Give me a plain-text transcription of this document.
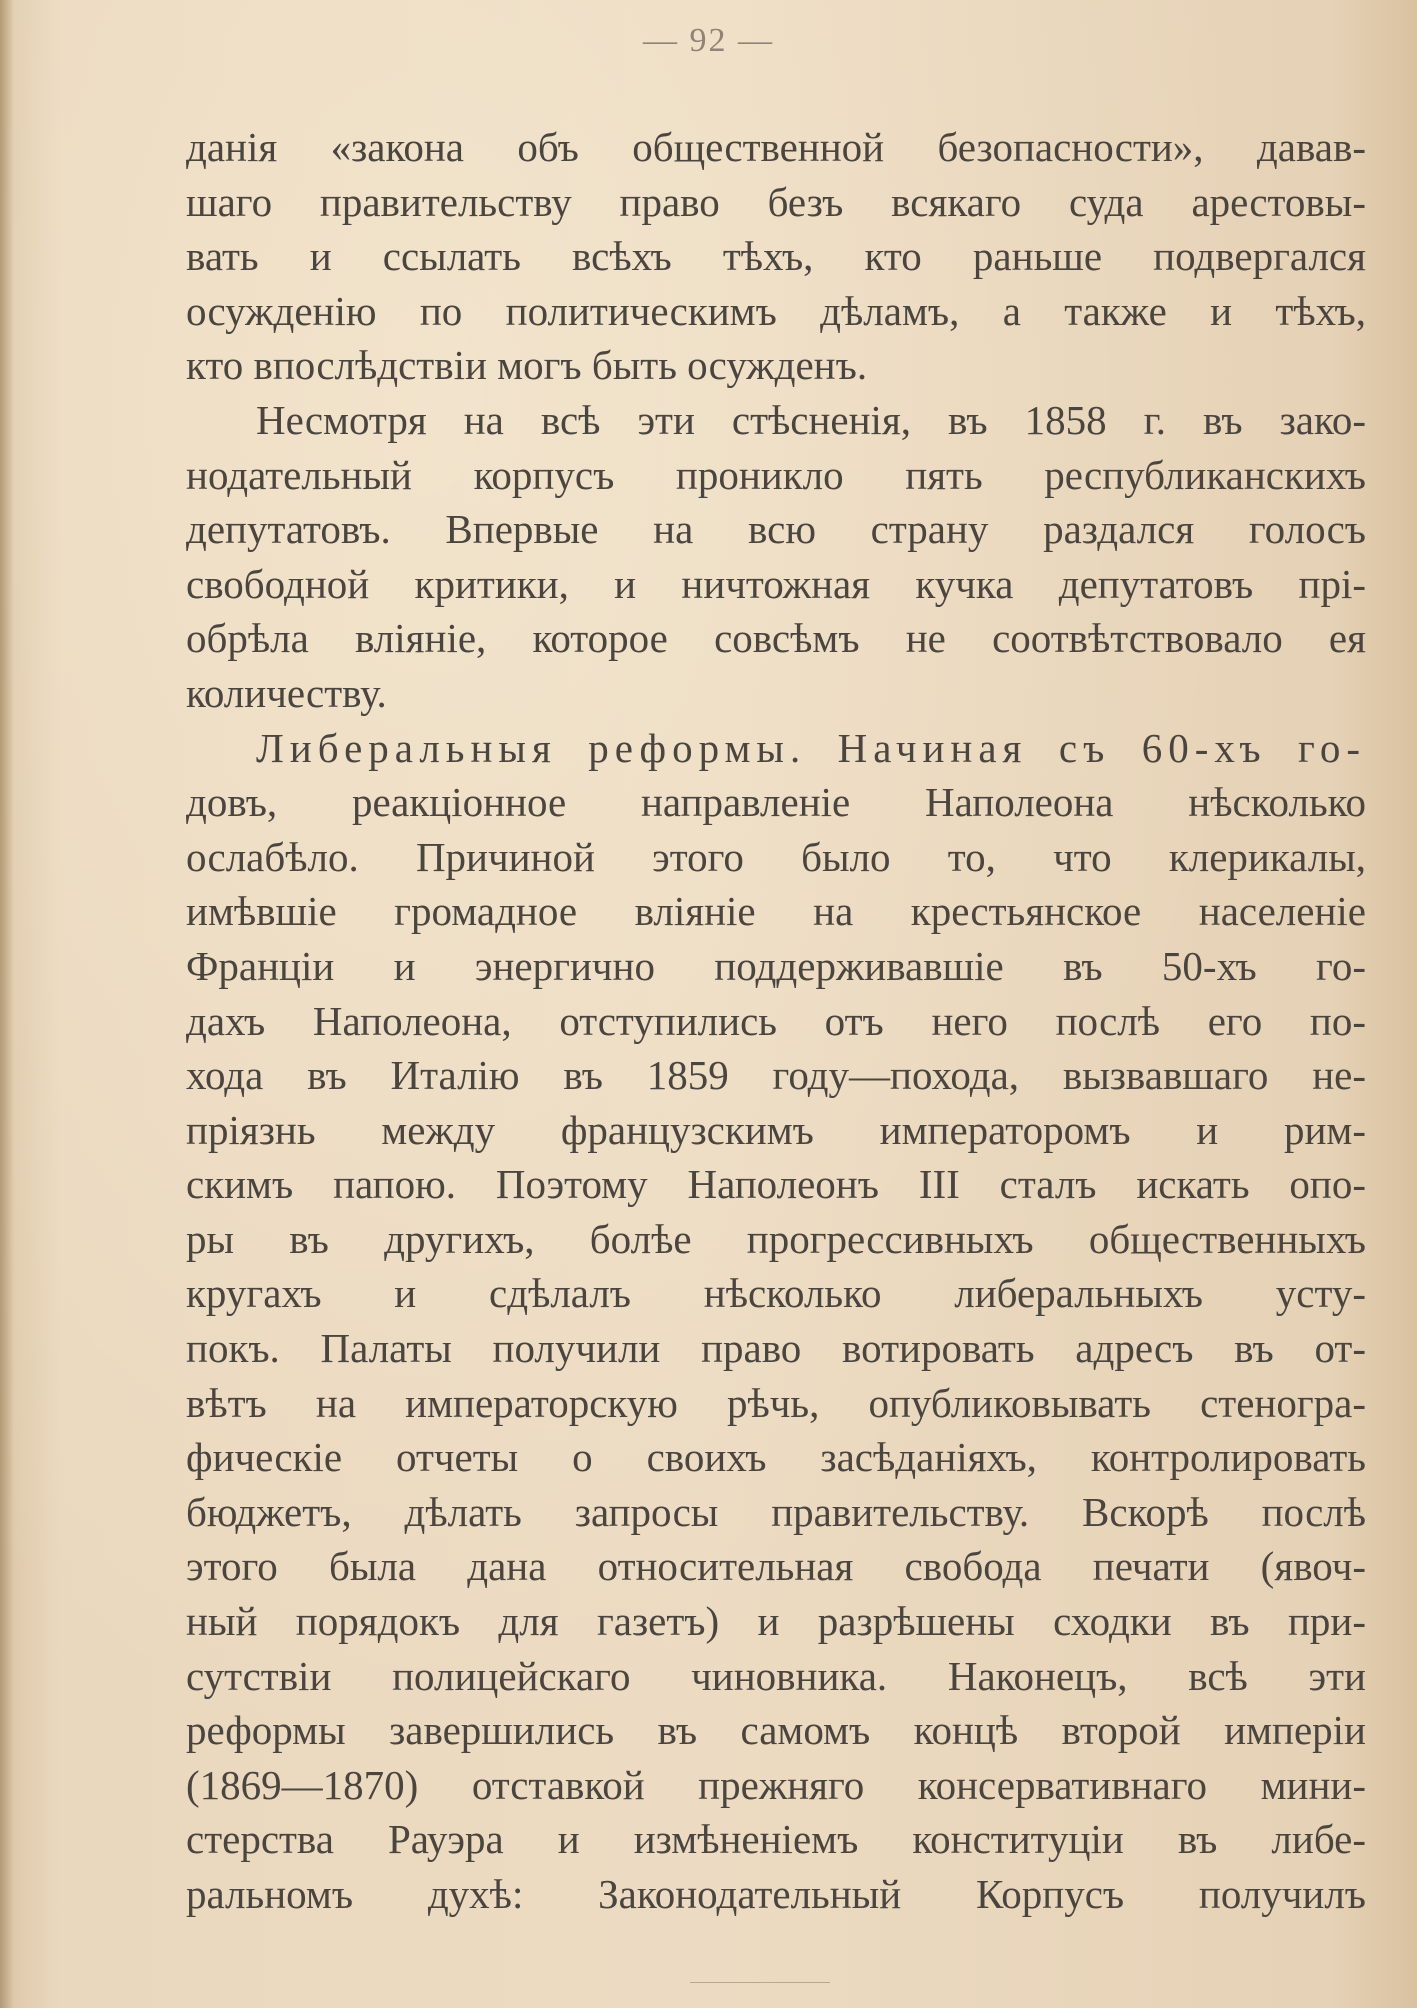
— 92 —
данія «закона объ общественной безопасности», давав-
шаго правительству право безъ всякаго суда арестовы-
вать и ссылать всѣхъ тѣхъ, кто раньше подвергался
осужденію по политическимъ дѣламъ, а также и тѣхъ,
кто впослѣдствіи могъ быть осужденъ.
Несмотря на всѣ эти стѣсненія, въ 1858 г. въ зако-
нодательный корпусъ проникло пять республиканскихъ
депутатовъ. Впервые на всю страну раздался голосъ
свободной критики, и ничтожная кучка депутатовъ прі-
обрѣла вліяніе, которое совсѣмъ не соотвѣтствовало ея
количеству.
Либеральныя реформы. Начиная съ 60-хъ го-
довъ, реакціонное направленіе Наполеона нѣсколько
ослабѣло. Причиной этого было то, что клерикалы,
имѣвшіе громадное вліяніе на крестьянское населеніе
Франціи и энергично поддерживавшіе въ 50-хъ го-
дахъ Наполеона, отступились отъ него послѣ его по-
хода въ Италію въ 1859 году—похода, вызвавшаго не-
пріязнь между французскимъ императоромъ и рим-
скимъ папою. Поэтому Наполеонъ III сталъ искать опо-
ры въ другихъ, болѣе прогрессивныхъ общественныхъ
кругахъ и сдѣлалъ нѣсколько либеральныхъ усту-
покъ. Палаты получили право вотировать адресъ въ от-
вѣтъ на императорскую рѣчь, опубликовывать стеногра-
фическіе отчеты о своихъ засѣданіяхъ, контролировать
бюджетъ, дѣлать запросы правительству. Вскорѣ послѣ
этого была дана относительная свобода печати (явоч-
ный порядокъ для газетъ) и разрѣшены сходки въ при-
сутствіи полицейскаго чиновника. Наконецъ, всѣ эти
реформы завершились въ самомъ концѣ второй имперіи
(1869—1870) отставкой прежняго консервативнаго мини-
стерства Рауэра и измѣненіемъ конституціи въ либе-
ральномъ духѣ: Законодательный Корпусъ получилъ
